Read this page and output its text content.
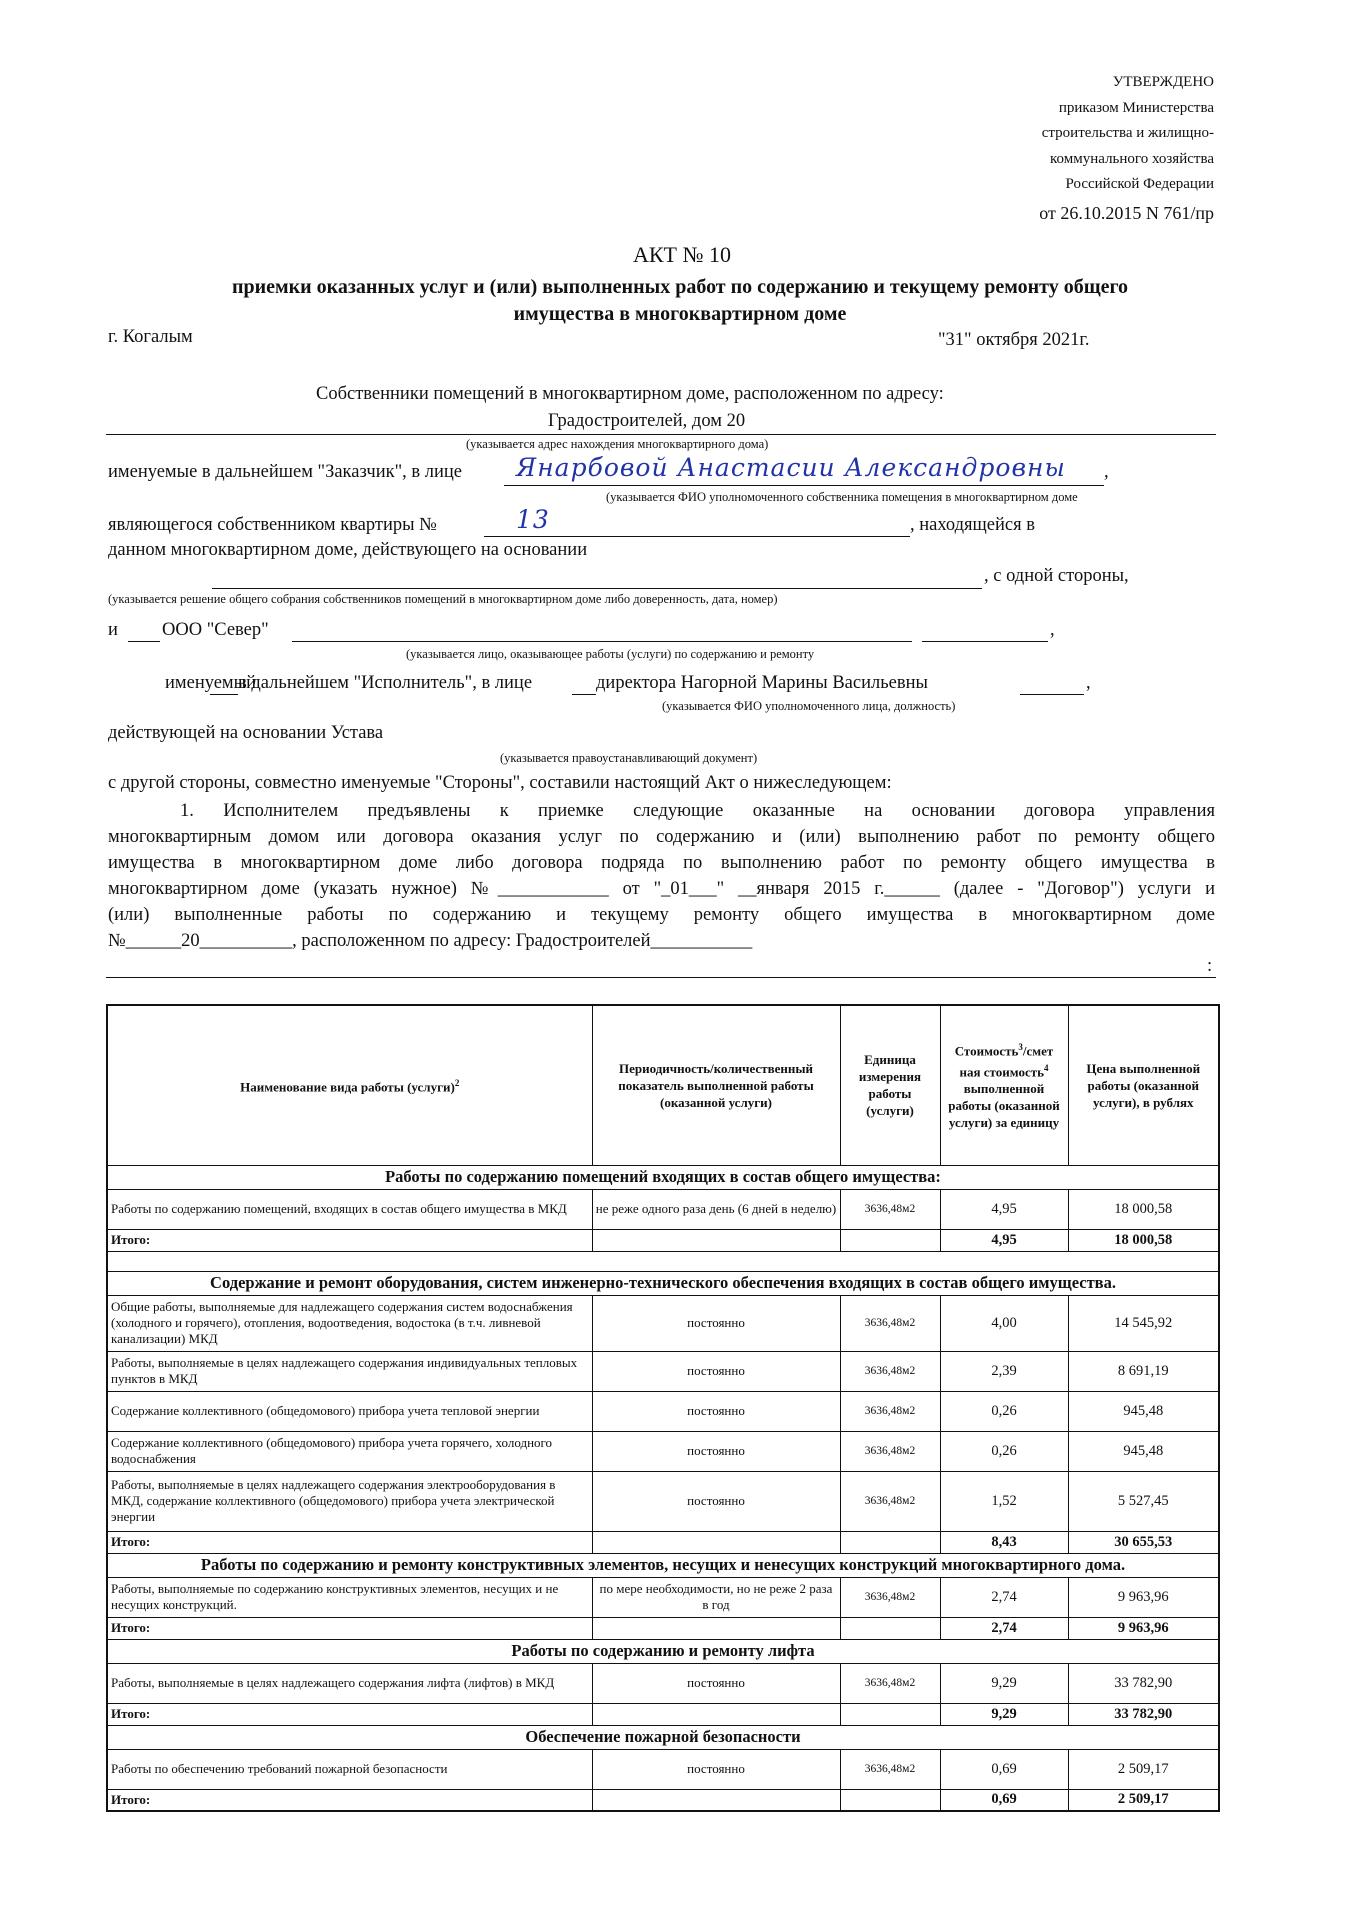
УТВЕРЖДЕНО
приказом Министерства
строительства и жилищно-
коммунального хозяйства
Российской Федерации
от 26.10.2015 N 761/пр
АКТ № 10
приемки оказанных услуг и (или) выполненных работ по содержанию и текущему ремонту общего
имущества в многоквартирном доме
г. Когалым	"31" октября 2021г.
Собственники помещений в многоквартирном доме, расположенном по адресу:
Градостроителей, дом 20
(указывается адрес нахождения многоквартирного дома)
именуемые в дальнейшем "Заказчик", в лице Янарбовой Анастасии Александровны ,
(указывается ФИО уполномоченного собственника помещения в многоквартирном доме
являющегося собственником квартиры №	13	, находящейся в
данном многоквартирном доме, действующего на основании
, с одной стороны,
(указывается решение общего собрания собственников помещений в многоквартирном доме либо доверенность, дата, номер)
и ООО "Север"	,
(указывается лицо, оказывающее работы (услуги) по содержанию и ремонту
именуемый
в дальнейшем "Исполнитель", в лице	директора Нагорной Марины Васильевны	,
(указывается ФИО уполномоченного лица, должность)
действующей на основании Устава
(указывается правоустанавливающий документ)
с другой стороны, совместно именуемые "Стороны", составили настоящий Акт о нижеследующем:
1. Исполнителем предъявлены к приемке следующие оказанные на основании договора управления
многоквартирным домом или договора оказания услуг по содержанию и (или) выполнению работ по ремонту общего
имущества в многоквартирном доме либо договора подряда по выполнению работ по ремонту общего имущества в
многоквартирном доме (указать нужное) №____________ от "_01___" __января 2015 г.______ (далее - "Договор") услуги и
(или) выполненные работы по содержанию и текущему ремонту общего имущества в многоквартирном доме
№______20__________, расположенном по адресу: Градостроителей___________
:
Наименование вида работы (услуги)$^2$	Периодичность/количественный показатель выполненной работы (оказанной услуги)	Единица измерения работы (услуги)	Стоимость$^3$/смет ная стоимость$^4$ выполненной работы (оказанной услуги) за единицу	Цена выполненной работы (оказанной услуги), в рублях
Работы по содержанию помещений входящих в состав общего имущества:				
Работы по содержанию помещений, входящих в состав общего имущества в МКД	не реже одного раза день (6 дней в неделю)	3636,48м2	4,95	18 000,58
Итого:			4,95	18 000,58

Содержание и ремонт оборудования, систем инженерно-технического обеспечения входящих в состав общего имущества.				
Общие работы, выполняемые для надлежащего содержания систем водоснабжения (холодного и горячего), отопления, водоотведения, водостока (в т.ч. ливневой канализации) МКД	постоянно	3636,48м2	4,00	14 545,92
Работы, выполняемые в целях надлежащего содержания индивидуальных тепловых пунктов в МКД	постоянно	3636,48м2	2,39	8 691,19
Содержание коллективного (общедомового) прибора учета тепловой энергии	постоянно	3636,48м2	0,26	945,48
Содержание коллективного (общедомового) прибора учета горячего, холодного водоснабжения	постоянно	3636,48м2	0,26	945,48
Работы, выполняемые в целях надлежащего содержания электрооборудования в МКД, содержание коллективного (общедомового) прибора учета электрической энергии	постоянно	3636,48м2	1,52	5 527,45
Итого:			8,43	30 655,53
Работы по содержанию и ремонту конструктивных элементов, несущих и ненесущих конструкций многоквартирного дома.				
Работы, выполняемые по содержанию конструктивных элементов, несущих и не несущих конструкций.	по мере необходимости, но не реже 2 раза в год	3636,48м2	2,74	9 963,96
Итого:			2,74	9 963,96
Работы по содержанию и ремонту лифта				
Работы, выполняемые в целях надлежащего содержания лифта (лифтов) в МКД	постоянно	3636,48м2	9,29	33 782,90
Итого:			9,29	33 782,90
Обеспечение пожарной безопасности				
Работы по обеспечению требований пожарной безопасности	постоянно	3636,48м2	0,69	2 509,17
Итого:			0,69	2 509,17
